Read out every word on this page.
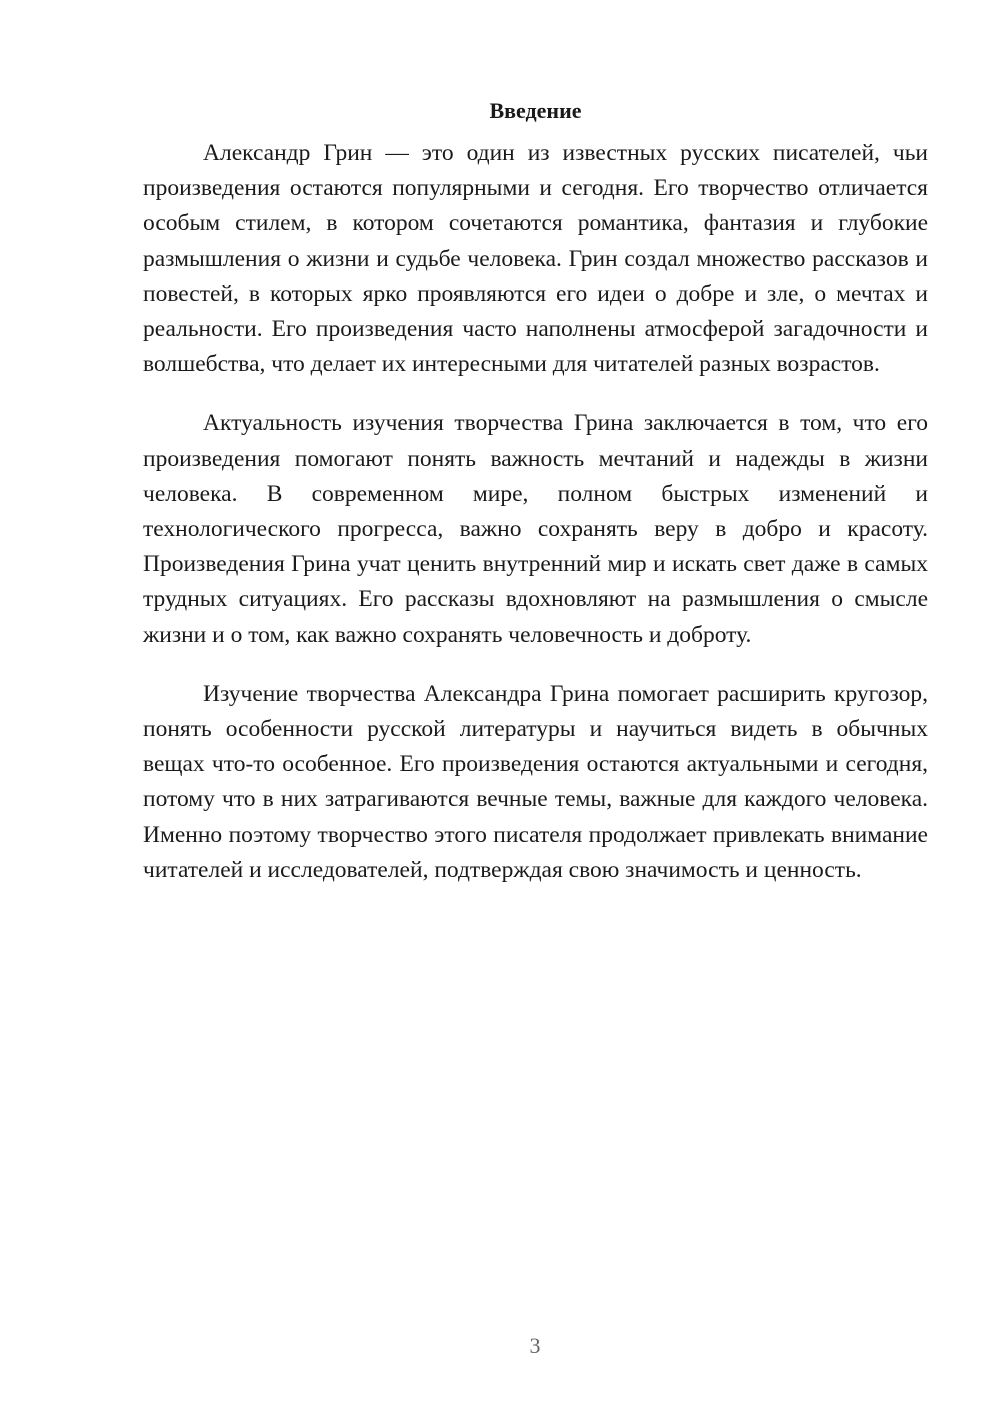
Введение

Александр Грин — это один из известных русских писателей, чьи произведения остаются популярными и сегодня. Его творчество отличается особым стилем, в котором сочетаются романтика, фантазия и глубокие размышления о жизни и судьбе человека. Грин создал множество рассказов и повестей, в которых ярко проявляются его идеи о добре и зле, о мечтах и реальности. Его произведения часто наполнены атмосферой загадочности и волшебства, что делает их интересными для читателей разных возрастов.

Актуальность изучения творчества Грина заключается в том, что его произведения помогают понять важность мечтаний и надежды в жизни человека. В современном мире, полном быстрых изменений и технологического прогресса, важно сохранять веру в добро и красоту. Произведения Грина учат ценить внутренний мир и искать свет даже в самых трудных ситуациях. Его рассказы вдохновляют на размышления о смысле жизни и о том, как важно сохранять человечность и доброту.

Изучение творчества Александра Грина помогает расширить кругозор, понять особенности русской литературы и научиться видеть в обычных вещах что-то особенное. Его произведения остаются актуальными и сегодня, потому что в них затрагиваются вечные темы, важные для каждого человека. Именно поэтому творчество этого писателя продолжает привлекать внимание читателей и исследователей, подтверждая свою значимость и ценность.

3
